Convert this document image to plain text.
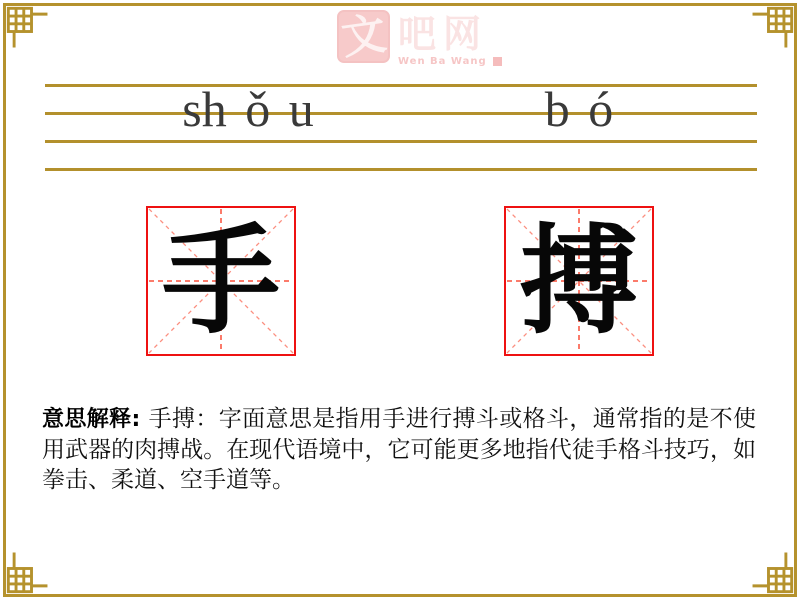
文 吧网
Wen Ba Wang
sh ǒ u	b ó
手 搏
意思解释: 手搏：字面意思是指用手进行搏斗或格斗，通常指的是不使用武器的肉搏战。在现代语境中，它可能更多地指代徒手格斗技巧，如拳击、柔道、空手道等。
